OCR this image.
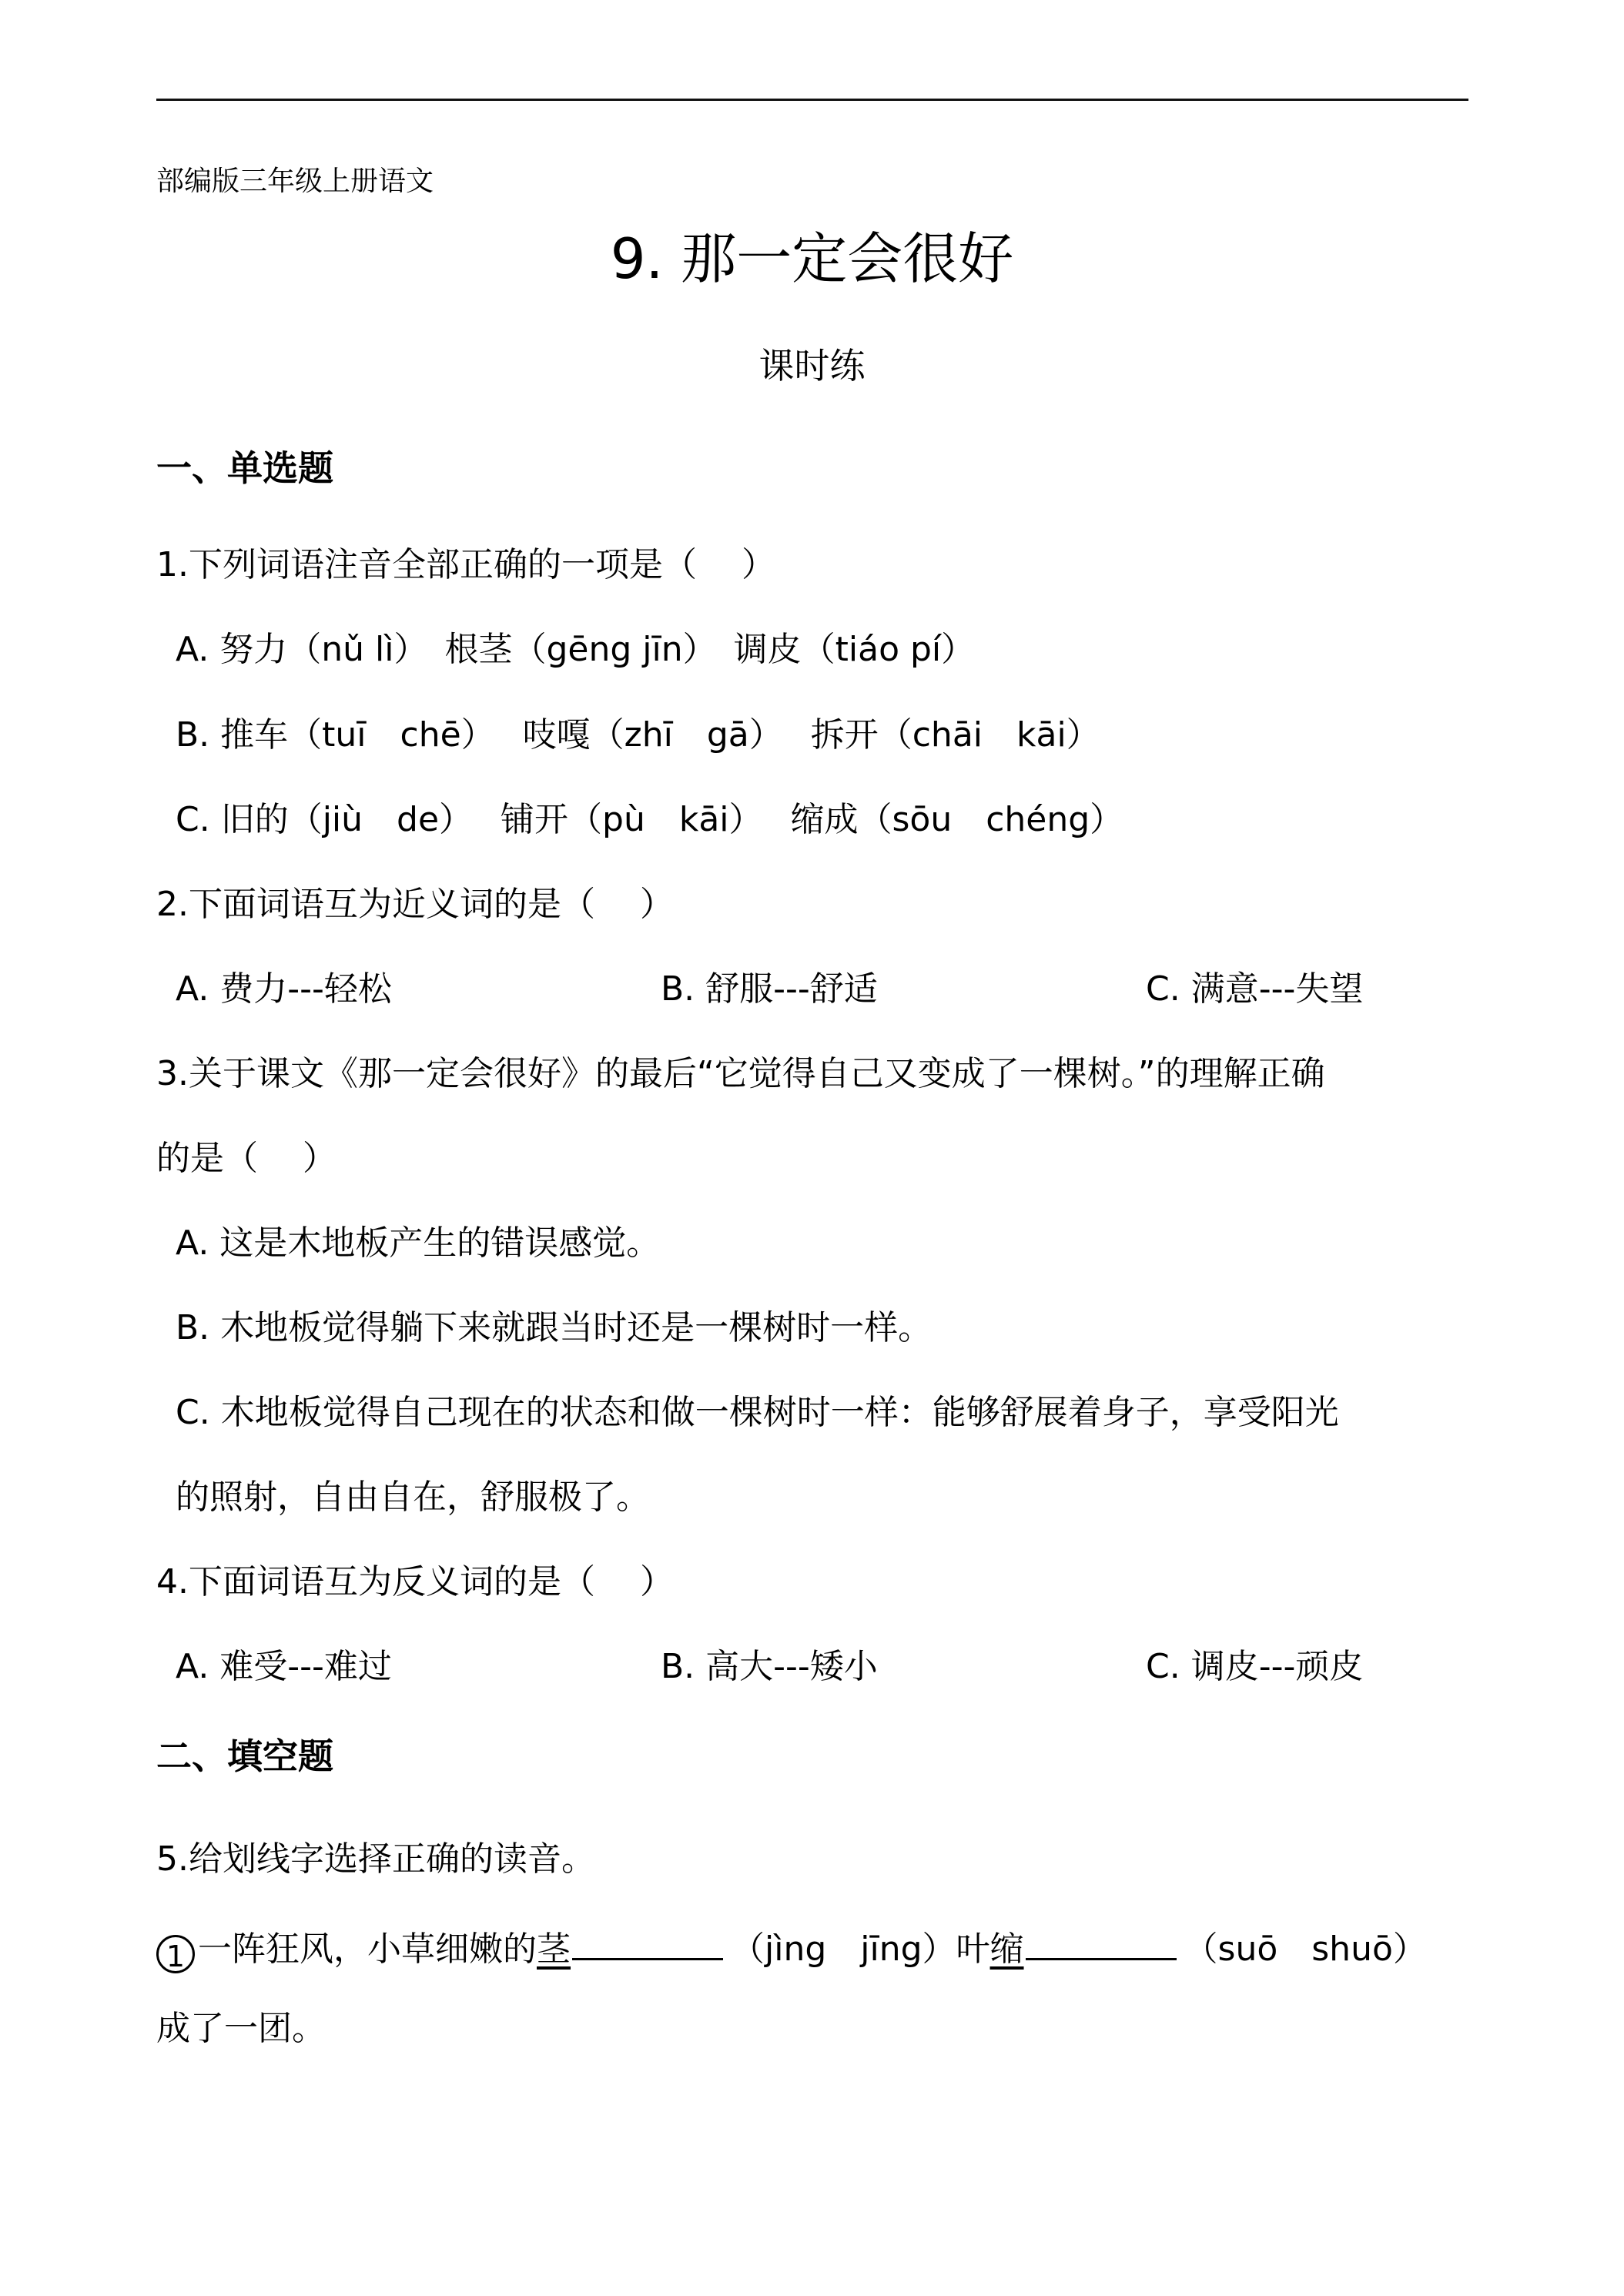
部编版三年级上册语文
9. 那一定会很好
课时练
一、单选题
1.下列词语注音全部正确的一项是（　 ）
A. 努力（nǔ lì）　根茎（gēng jīn）　调皮（tiáo pí）
B. 推车（tuī　chē）　 吱嘎（zhī　gā）　 拆开（chāi　kāi）
C. 旧的（jiù　de）　 铺开（pù　kāi）　 缩成（sōu　chéng）
2.下面词语互为近义词的是（　 ）
A. 费力---轻松	B. 舒服---舒适	C. 满意---失望
3.关于课文《那一定会很好》的最后“它觉得自己又变成了一棵树。”的理解正确
的是（　 ）
A. 这是木地板产生的错误感觉。
B. 木地板觉得躺下来就跟当时还是一棵树时一样。
C. 木地板觉得自己现在的状态和做一棵树时一样：能够舒展着身子，享受阳光
的照射，自由自在，舒服极了。
4.下面词语互为反义词的是（　 ）
A. 难受---难过	B. 高大---矮小	C. 调皮---顽皮
二、填空题
5.给划线字选择正确的读音。
1 一阵狂风，小草细嫩的茎	（jìng　jīng）叶缩	（suō　shuō）
成了一团。
